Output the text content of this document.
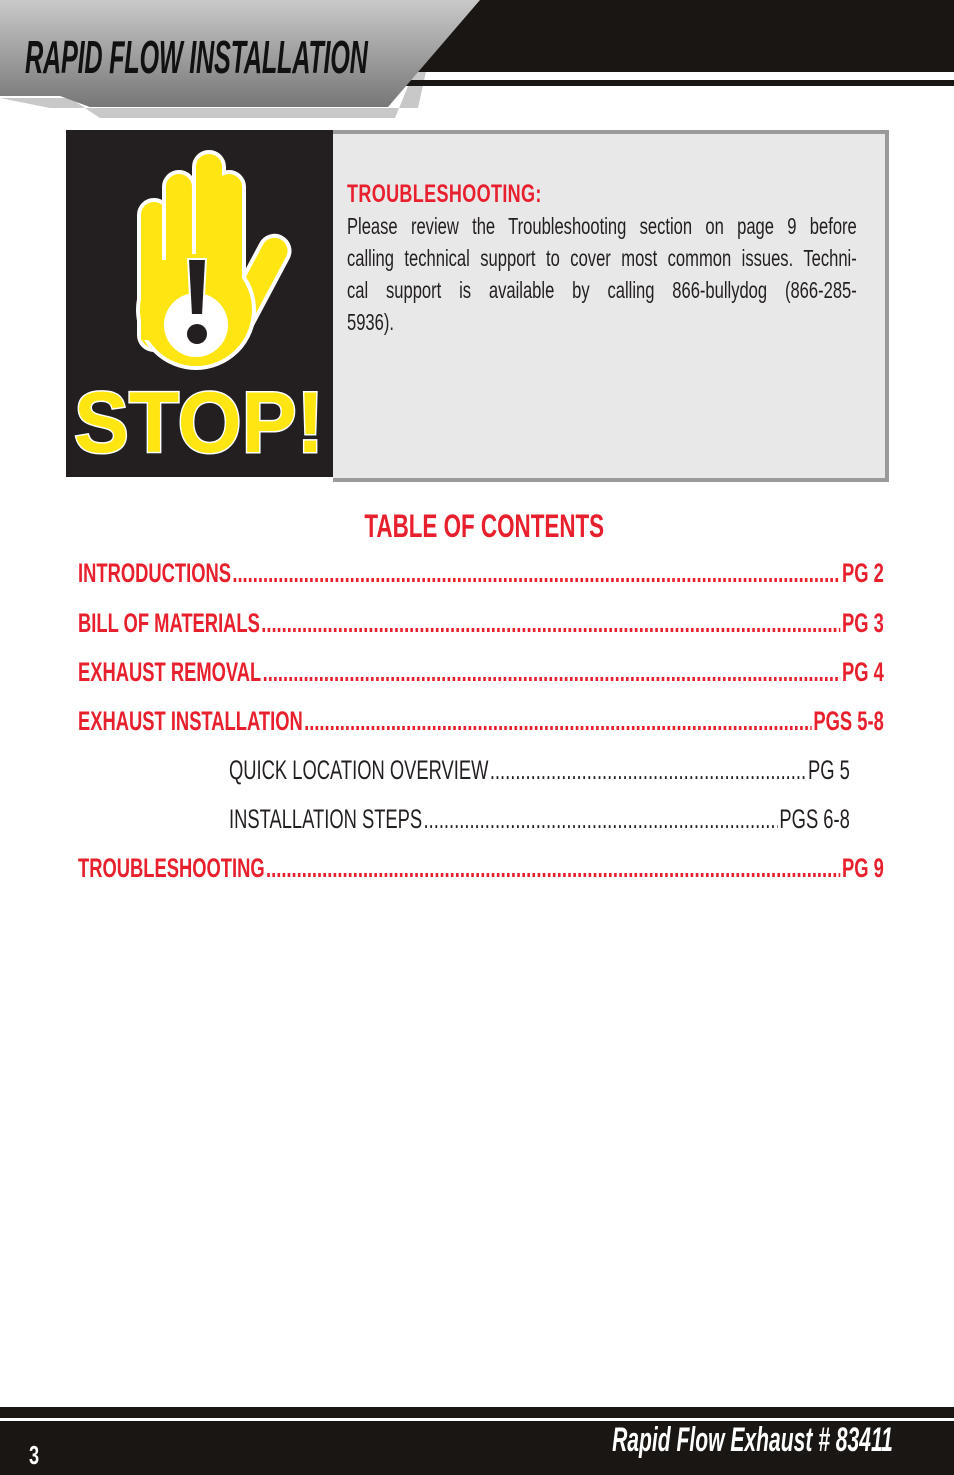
RAPID FLOW INSTALLATION
STOP!
TROUBLESHOOTING:
Please review the Troubleshooting section on page 9 before
calling technical support to cover most common issues. Techni-
cal support is available by calling 866-bullydog (866-285-
5936).
TABLE OF CONTENTS
INTRODUCTIONS .....	PG 2
BILL OF MATERIALS .....	PG 3
EXHAUST REMOVAL .....	PG 4
EXHAUST INSTALLATION .....	PGS 5-8
QUICK LOCATION OVERVIEW .....	PG 5
INSTALLATION STEPS .....	PGS 6-8
TROUBLESHOOTING .....	PG 9
Rapid Flow Exhaust # 83411
3
